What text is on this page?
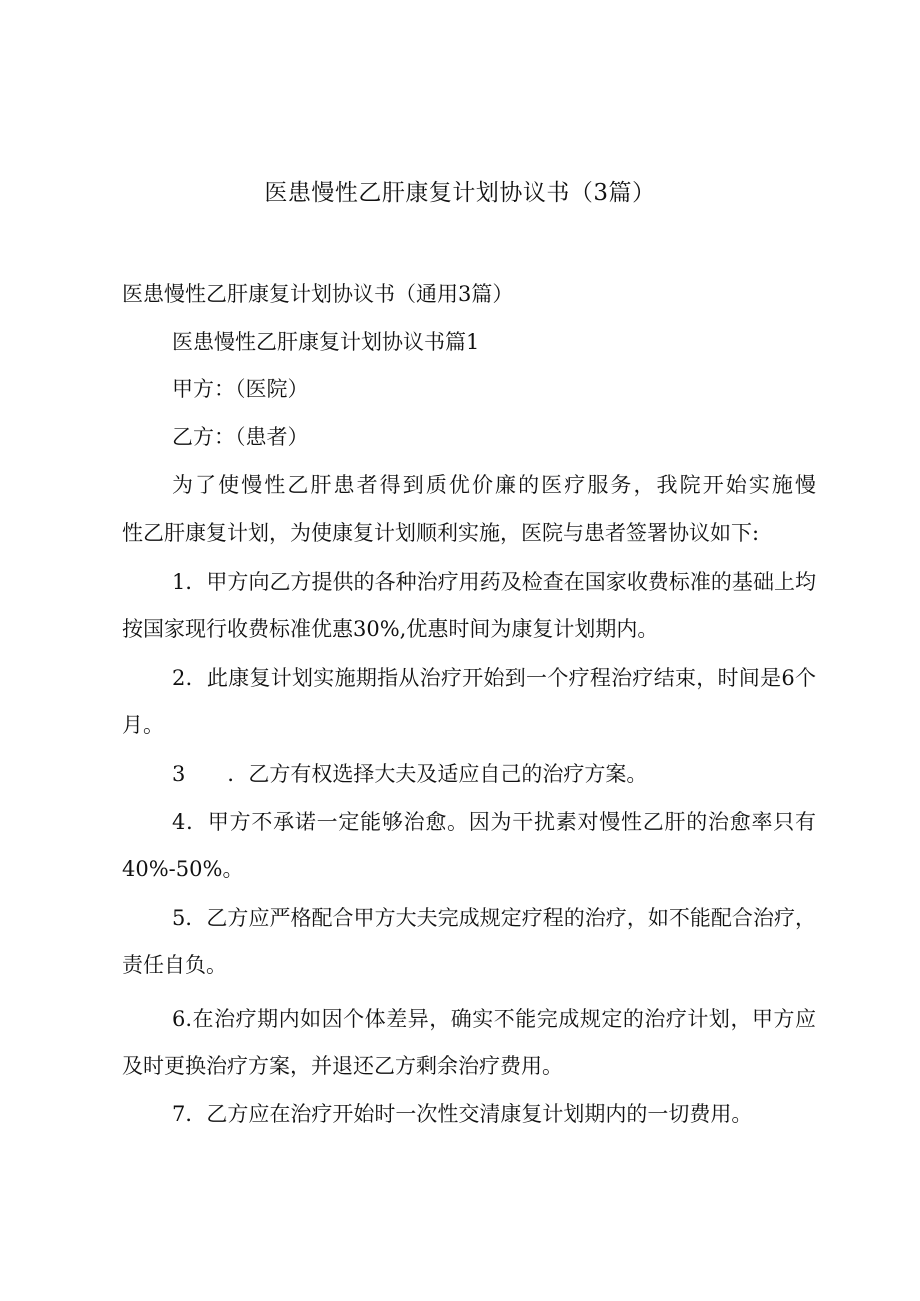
医患慢性乙肝康复计划协议书（3篇）

医患慢性乙肝康复计划协议书（通用3篇）

医患慢性乙肝康复计划协议书篇1

甲方：（医院）

乙方：（患者）

为了使慢性乙肝患者得到质优价廉的医疗服务，我院开始实施慢

性乙肝康复计划，为使康复计划顺利实施，医院与患者签署协议如下:

1．甲方向乙方提供的各种治疗用药及检查在国家收费标准的基础上均按国家现行收费标准优惠30%,优惠时间为康复计划期内。

2．此康复计划实施期指从治疗开始到一个疗程治疗结束，时间是6个月。

3　　．乙方有权选择大夫及适应自己的治疗方案。

4．甲方不承诺一定能够治愈。因为干扰素对慢性乙肝的治愈率只有40%-50%。

5．乙方应严格配合甲方大夫完成规定疗程的治疗，如不能配合治疗，责任自负。

6.在治疗期内如因个体差异，确实不能完成规定的治疗计划，甲方应及时更换治疗方案，并退还乙方剩余治疗费用。

7．乙方应在治疗开始时一次性交清康复计划期内的一切费用。
